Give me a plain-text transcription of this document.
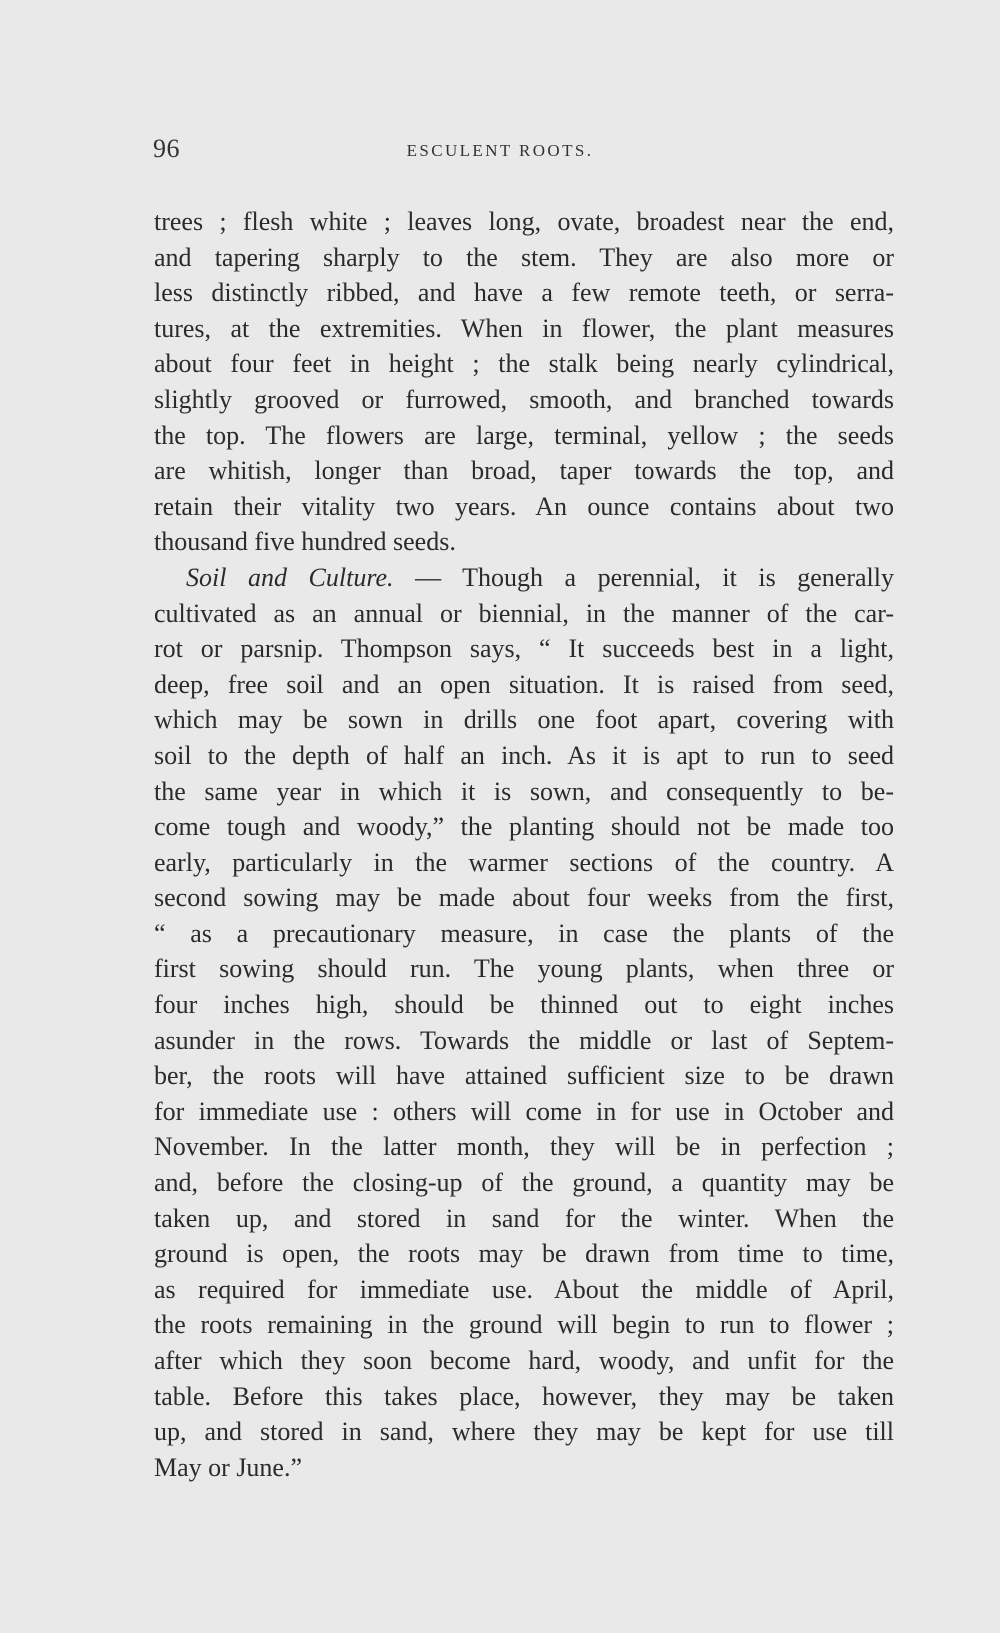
96	ESCULENT ROOTS.
trees ; flesh white ; leaves long, ovate, broadest near the end,
and tapering sharply to the stem. They are also more or
less distinctly ribbed, and have a few remote teeth, or serra-
tures, at the extremities. When in flower, the plant measures
about four feet in height ; the stalk being nearly cylindrical,
slightly grooved or furrowed, smooth, and branched towards
the top. The flowers are large, terminal, yellow ; the seeds
are whitish, longer than broad, taper towards the top, and
retain their vitality two years. An ounce contains about two
thousand five hundred seeds.
Soil and Culture. — Though a perennial, it is generally
cultivated as an annual or biennial, in the manner of the car-
rot or parsnip. Thompson says, “ It succeeds best in a light,
deep, free soil and an open situation. It is raised from seed,
which may be sown in drills one foot apart, covering with
soil to the depth of half an inch. As it is apt to run to seed
the same year in which it is sown, and consequently to be-
come tough and woody,” the planting should not be made too
early, particularly in the warmer sections of the country. A
second sowing may be made about four weeks from the first,
“ as a precautionary measure, in case the plants of the
first sowing should run. The young plants, when three or
four inches high, should be thinned out to eight inches
asunder in the rows. Towards the middle or last of Septem-
ber, the roots will have attained sufficient size to be drawn
for immediate use : others will come in for use in October and
November. In the latter month, they will be in perfection ;
and, before the closing-up of the ground, a quantity may be
taken up, and stored in sand for the winter. When the
ground is open, the roots may be drawn from time to time,
as required for immediate use. About the middle of April,
the roots remaining in the ground will begin to run to flower ;
after which they soon become hard, woody, and unfit for the
table. Before this takes place, however, they may be taken
up, and stored in sand, where they may be kept for use till
May or June.”
